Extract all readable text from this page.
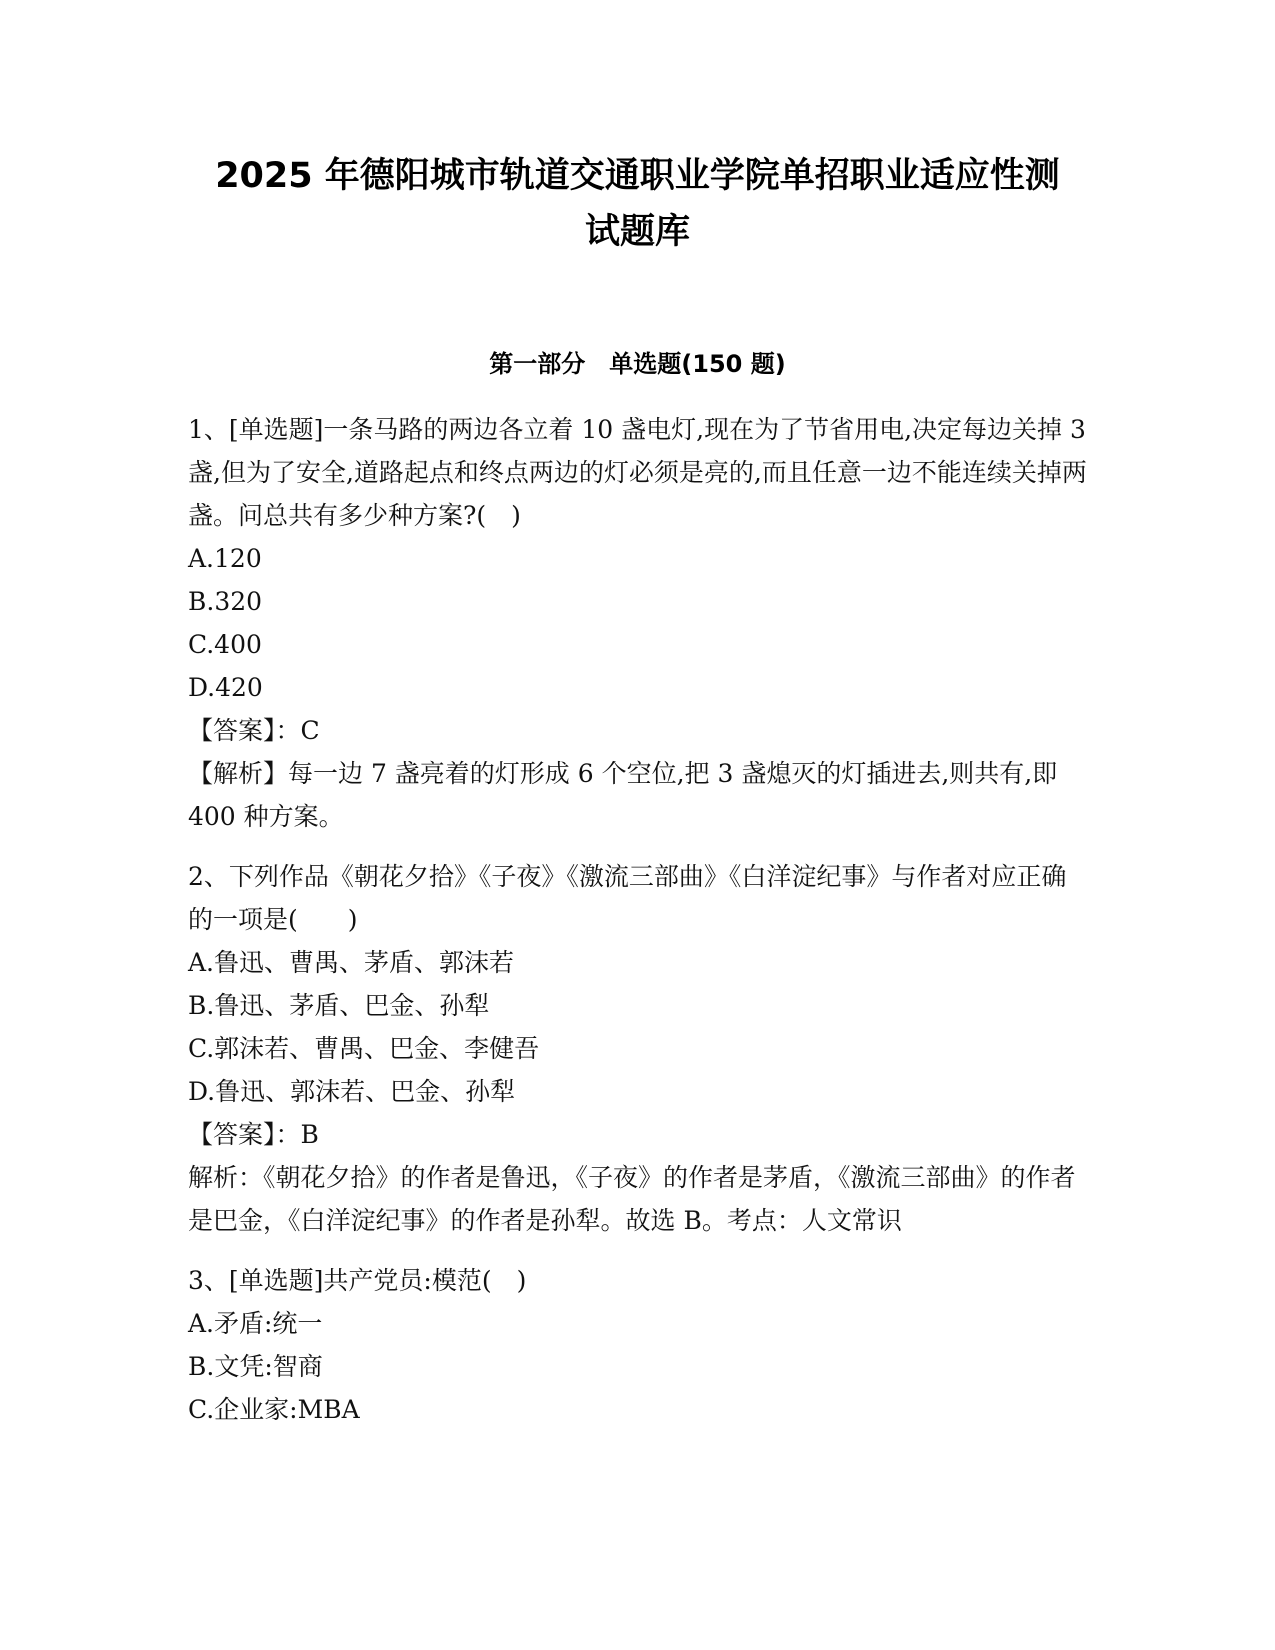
2025 年德阳城市轨道交通职业学院单招职业适应性测
试题库
第一部分　单选题(150 题)

1、[单选题]一条马路的两边各立着 10 盏电灯,现在为了节省用电,决定每边关掉 3 盏,但为了安全,道路起点和终点两边的灯必须是亮的,而且任意一边不能连续关掉两盏。问总共有多少种方案?(　)

A.120
B.320
C.400
D.420
【答案】：C

【解析】每一边 7 盏亮着的灯形成 6 个空位,把 3 盏熄灭的灯插进去,则共有,即 400 种方案。

2、下列作品《朝花夕拾》《子夜》《激流三部曲》《白洋淀纪事》与作者对应正确的一项是(　　)

A.鲁迅、曹禺、茅盾、郭沫若
B.鲁迅、茅盾、巴金、孙犁
C.郭沫若、曹禺、巴金、李健吾
D.鲁迅、郭沫若、巴金、孙犁
【答案】：B

解析：《朝花夕拾》的作者是鲁迅，《子夜》的作者是茅盾，《激流三部曲》的作者是巴金，《白洋淀纪事》的作者是孙犁。故选 B。考点：人文常识

3、[单选题]共产党员:模范(　)

A.矛盾:统一
B.文凭:智商
C.企业家:MBA
